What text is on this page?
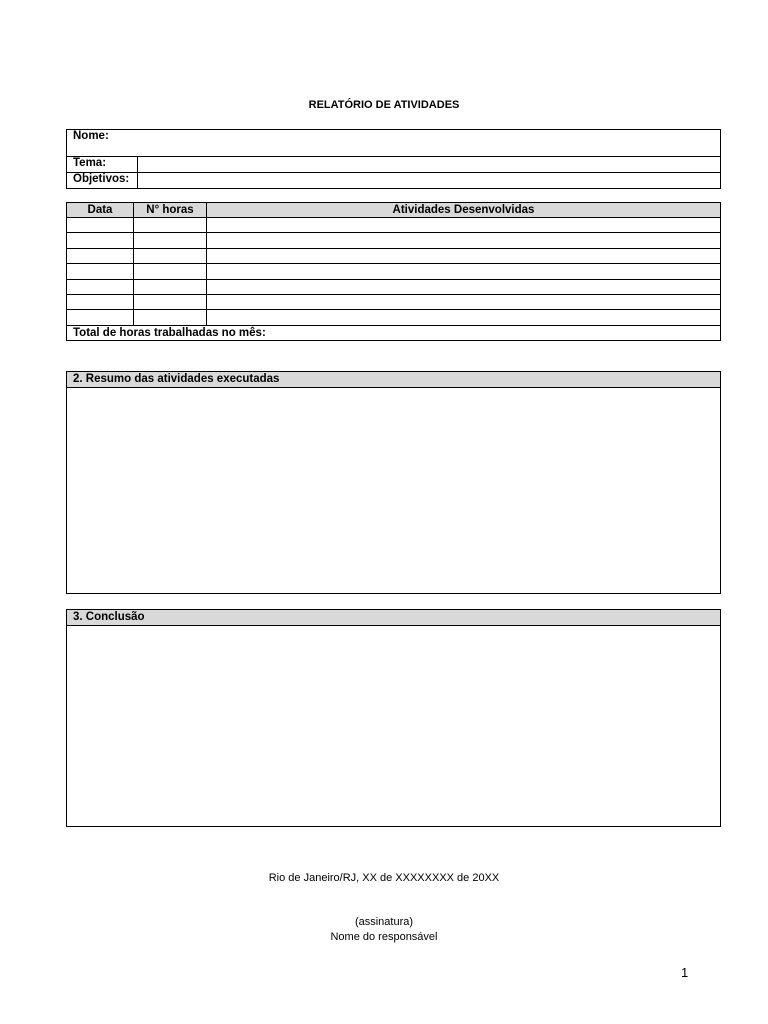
RELATÓRIO DE ATIVIDADES
Nome:	
Tema:	
Objetivos:	
Data	N° horas	Atividades Desenvolvidas

Total de horas trabalhadas no mês:		
2. Resumo das atividades executadas
3. Conclusão
Rio de Janeiro/RJ, XX de XXXXXXXX de 20XX
(assinatura)
Nome do responsável
1
